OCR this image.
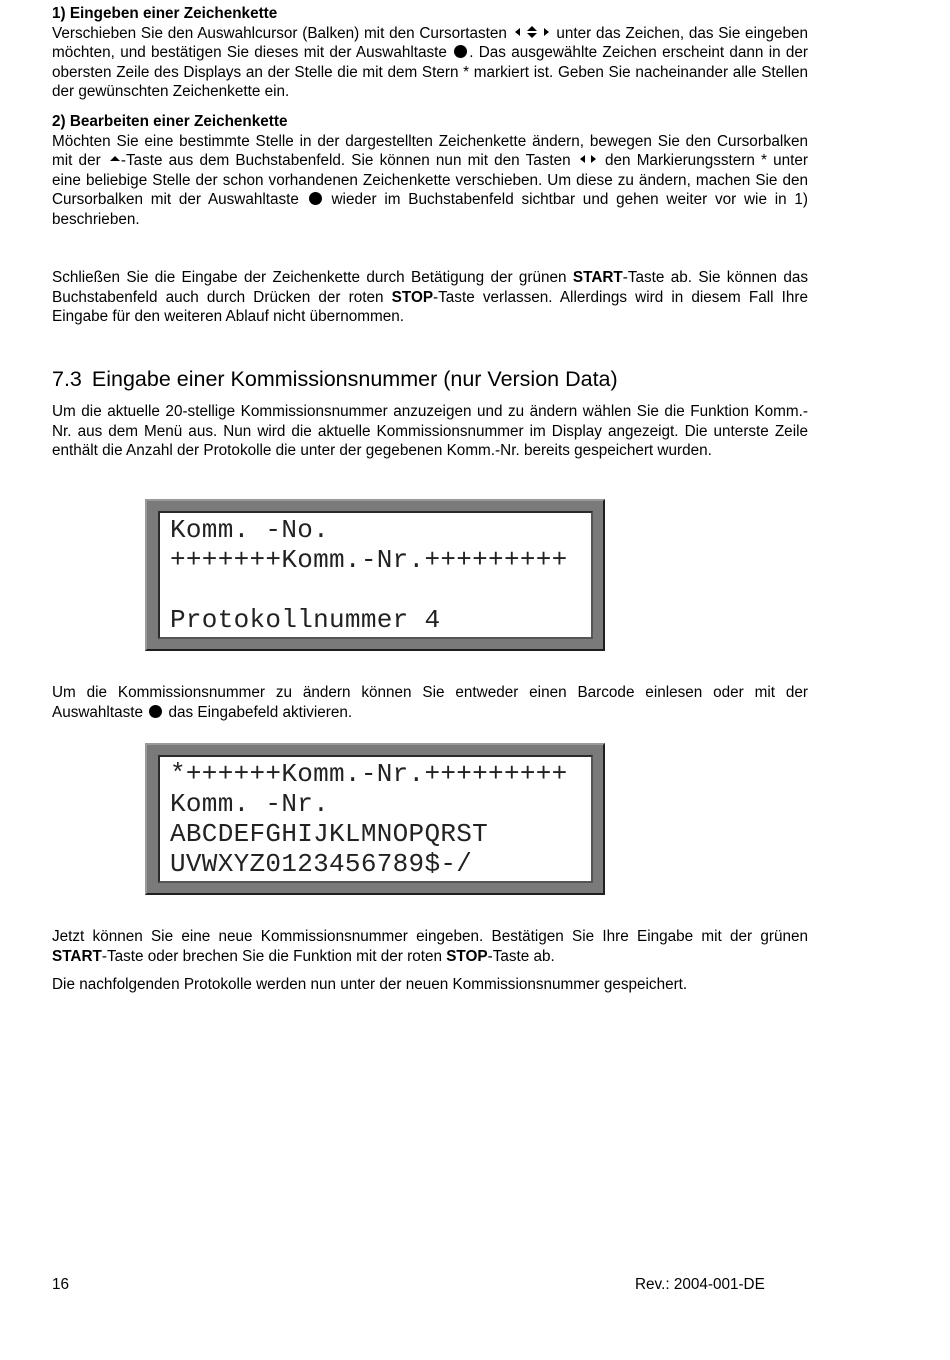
1) Eingeben einer Zeichenkette

Verschieben Sie den Auswahlcursor (Balken) mit den Cursortasten	unter das Zeichen, das Sie eingeben möchten, und bestätigen Sie dieses mit der Auswahltaste . Das ausgewählte Zeichen erscheint dann in der obersten Zeile des Displays an der Stelle die mit dem Stern * markiert ist. Geben Sie nacheinander alle Stellen der gewünschten Zeichenkette ein.

2) Bearbeiten einer Zeichenkette

Möchten Sie eine bestimmte Stelle in der dargestellten Zeichenkette ändern, bewegen Sie den Cursorbalken mit der -Taste aus dem Buchstabenfeld. Sie können nun mit den Tasten den Markierungsstern * unter eine beliebige Stelle der schon vorhandenen Zeichenkette verschieben. Um diese zu ändern, machen Sie den Cursorbalken mit der Auswahltaste wieder im Buchstabenfeld sichtbar und gehen weiter vor wie in 1) beschrieben.

Schließen Sie die Eingabe der Zeichenkette durch Betätigung der grünen START-Taste ab. Sie können das Buchstabenfeld auch durch Drücken der roten STOP-Taste verlassen. Allerdings wird in diesem Fall Ihre Eingabe für den weiteren Ablauf nicht übernommen.

7.3 Eingabe einer Kommissionsnummer (nur Version Data)

Um die aktuelle 20-stellige Kommissionsnummer anzuzeigen und zu ändern wählen Sie die Funktion Komm.-Nr. aus dem Menü aus. Nun wird die aktuelle Kommissionsnummer im Display angezeigt. Die unterste Zeile enthält die Anzahl der Protokolle die unter der gegebenen Komm.-Nr. bereits gespeichert wurden.

Komm. -No.
+++++++Komm.-Nr.+++++++++
Protokollnummer 4

Um die Kommissionsnummer zu ändern können Sie entweder einen Barcode einlesen oder mit der Auswahltaste das Eingabefeld aktivieren.

*++++++Komm.-Nr.+++++++++
Komm. -Nr.
ABCDEFGHIJKLMNOPQRST
UVWXYZ0123456789$-/

Jetzt können Sie eine neue Kommissionsnummer eingeben. Bestätigen Sie Ihre Eingabe mit der grünen START-Taste oder brechen Sie die Funktion mit der roten STOP-Taste ab.

Die nachfolgenden Protokolle werden nun unter der neuen Kommissionsnummer gespeichert.

16	Rev.: 2004-001-DE
